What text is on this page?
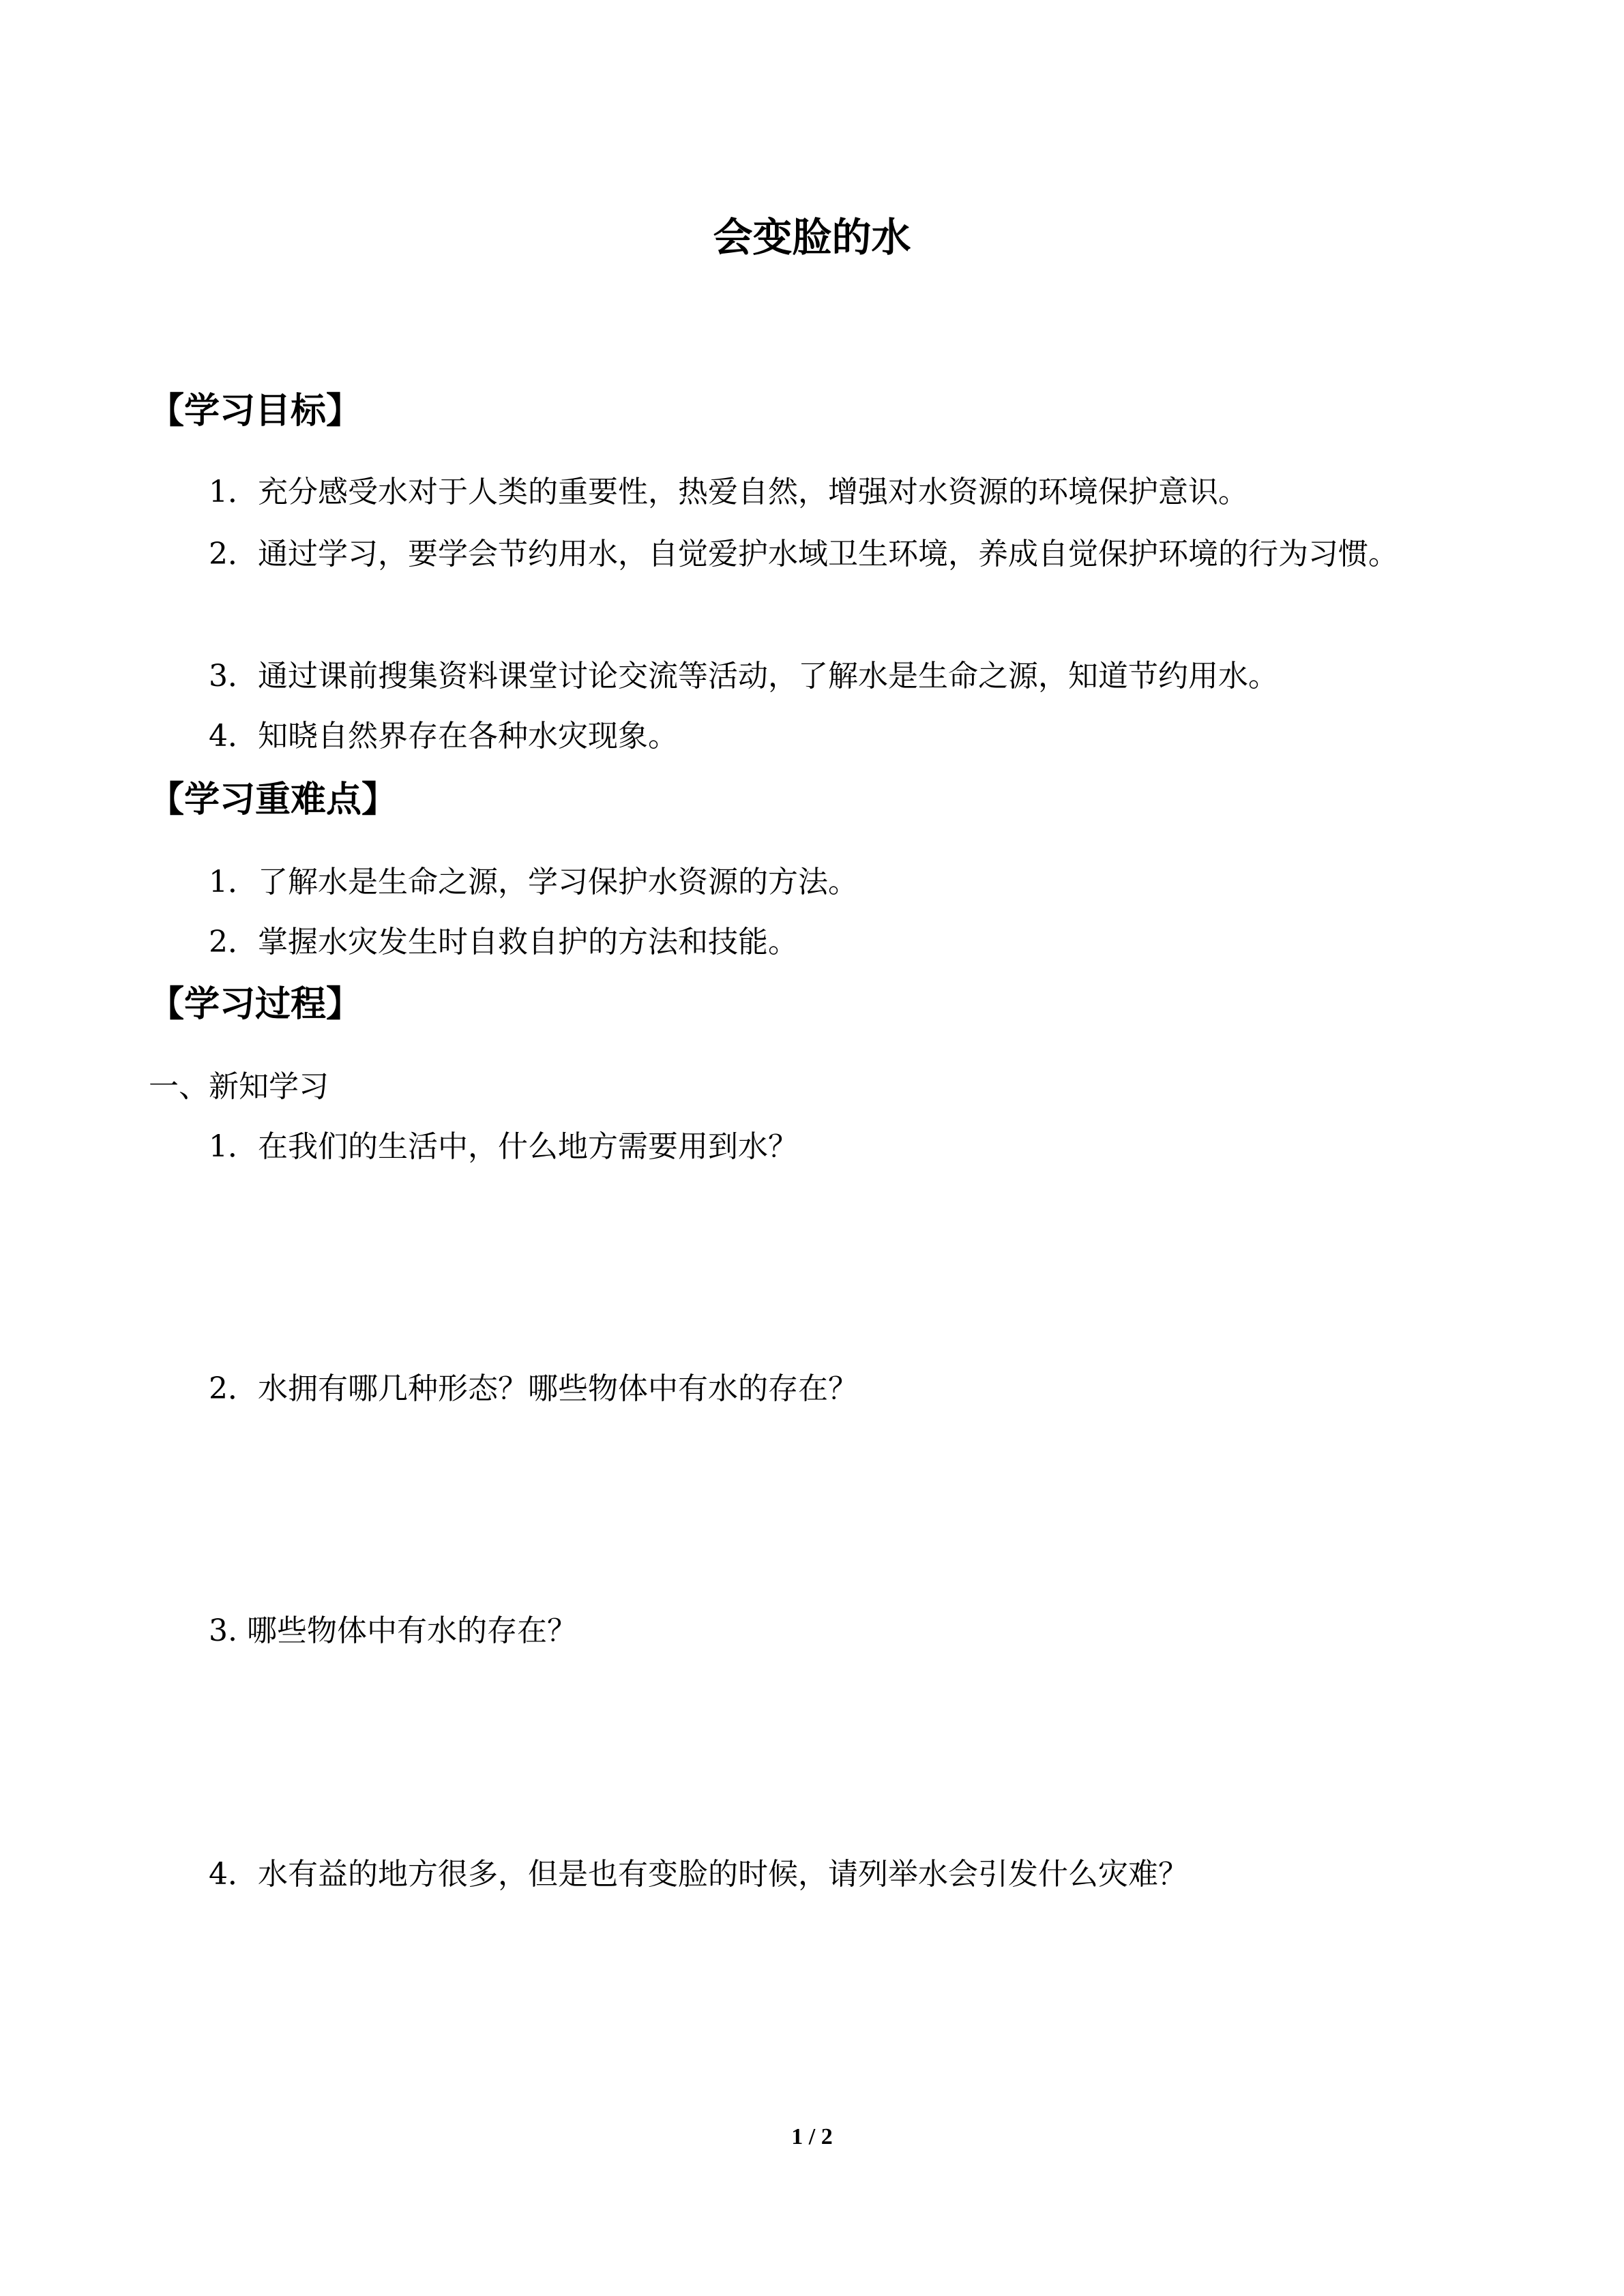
会变脸的水
【学习目标】
1．充分感受水对于人类的重要性，热爱自然，增强对水资源的环境保护意识。
2．通过学习，要学会节约用水，自觉爱护水域卫生环境，养成自觉保护环境的行为习惯。
3．通过课前搜集资料课堂讨论交流等活动，了解水是生命之源，知道节约用水。
4．知晓自然界存在各种水灾现象。
【学习重难点】
1．了解水是生命之源，学习保护水资源的方法。
2．掌握水灾发生时自救自护的方法和技能。
【学习过程】
一、新知学习
1．在我们的生活中，什么地方需要用到水？
2．水拥有哪几种形态？哪些物体中有水的存在？
3. 哪些物体中有水的存在？
4．水有益的地方很多，但是也有变脸的时候，请列举水会引发什么灾难？
1 / 2
